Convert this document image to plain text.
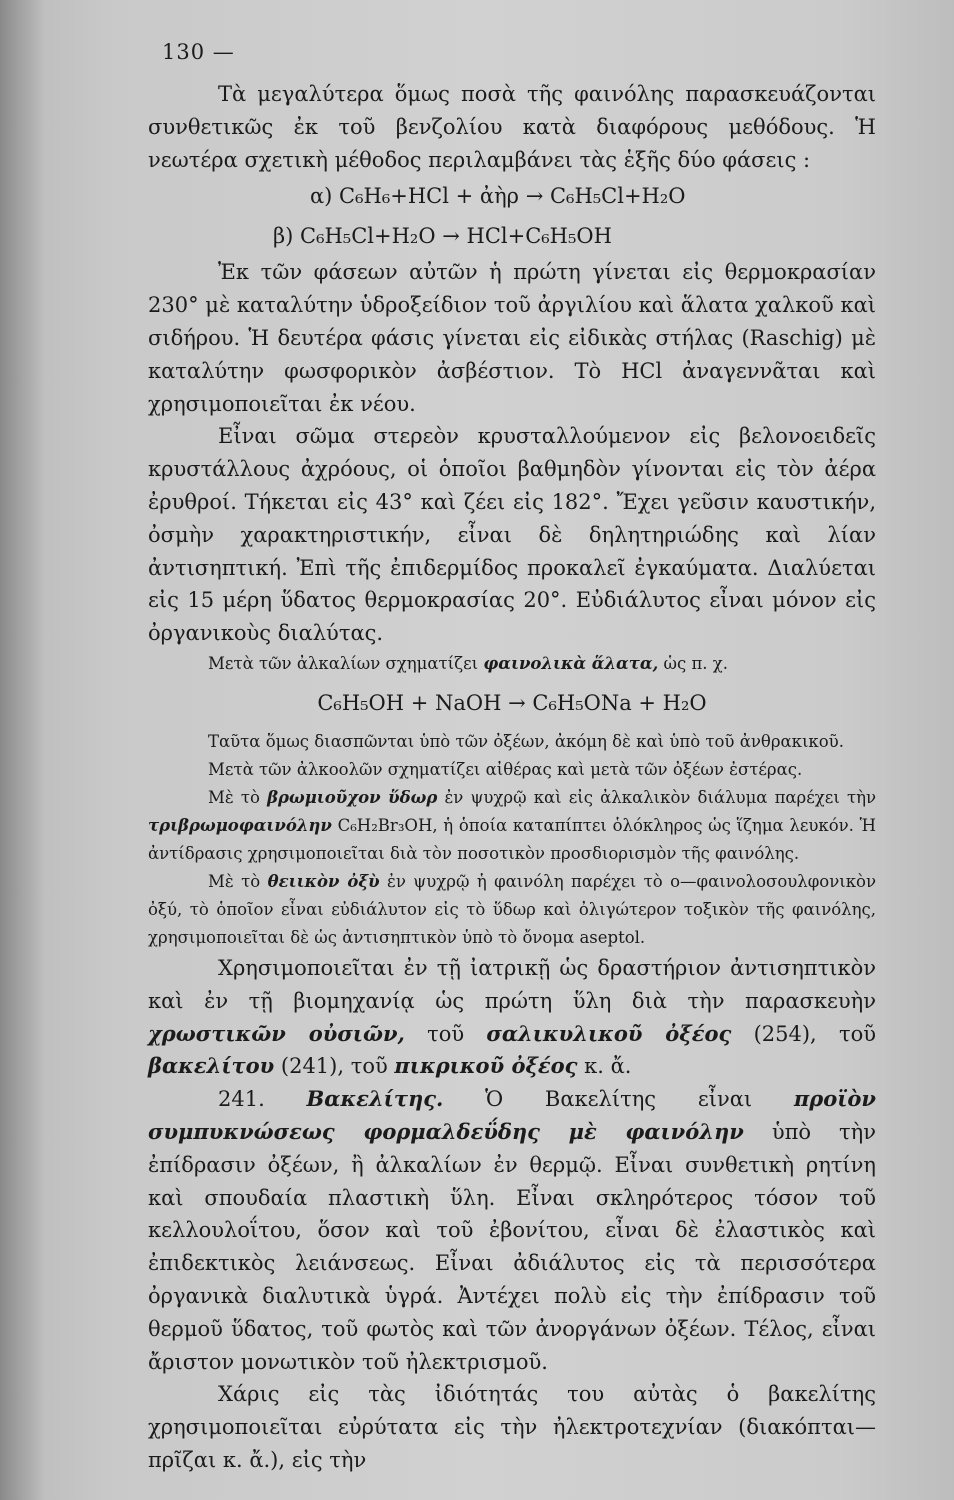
130 —

Τὰ μεγαλύτερα ὅμως ποσὰ τῆς φαινόλης παρασκευάζονται συνθετικῶς ἐκ τοῦ βενζολίου κατὰ διαφόρους μεθόδους. Ἡ νεωτέρα σχετικὴ μέθοδος περιλαμβάνει τὰς ἑξῆς δύο φάσεις :

α) C₆H₆+HCl + ἀὴρ → C₆H₅Cl+H₂O
β) C₆H₅Cl+H₂O → HCl+C₆H₅OH

Ἐκ τῶν φάσεων αὐτῶν ἡ πρώτη γίνεται εἰς θερμοκρασίαν 230° μὲ καταλύτην ὑδροξείδιον τοῦ ἀργιλίου καὶ ἅλατα χαλκοῦ καὶ σιδήρου. Ἡ δευτέρα φάσις γίνεται εἰς εἰδικὰς στήλας (Raschig) μὲ καταλύτην φωσφορικὸν ἀσβέστιον. Τὸ HCl ἀναγεννᾶται καὶ χρησιμοποιεῖται ἐκ νέου.

Εἶναι σῶμα στερεὸν κρυσταλλούμενον εἰς βελονοειδεῖς κρυστάλλους ἀχρόους, οἱ ὁποῖοι βαθμηδὸν γίνονται εἰς τὸν ἀέρα ἐρυθροί. Τήκεται εἰς 43° καὶ ζέει εἰς 182°. Ἔχει γεῦσιν καυστικήν, ὀσμὴν χαρακτηριστικήν, εἶναι δὲ δηλητηριώδης καὶ λίαν ἀντισηπτική. Ἐπὶ τῆς ἐπιδερμίδος προκαλεῖ ἐγκαύματα. Διαλύεται εἰς 15 μέρη ὕδατος θερμοκρασίας 20°. Εὐδιάλυτος εἶναι μόνον εἰς ὀργανικοὺς διαλύτας.

Μετὰ τῶν ἀλκαλίων σχηματίζει φαινολικὰ ἅλατα, ὡς π. χ.

C₆H₅OH + NaOH → C₆H₅ONa + H₂O

Ταῦτα ὅμως διασπῶνται ὑπὸ τῶν ὀξέων, ἀκόμη δὲ καὶ ὑπὸ τοῦ ἀνθρακικοῦ.

Μετὰ τῶν ἀλκοολῶν σχηματίζει αἰθέρας καὶ μετὰ τῶν ὀξέων ἐστέρας.

Μὲ τὸ βρωμιοῦχον ὕδωρ ἐν ψυχρῷ καὶ εἰς ἀλκαλικὸν διάλυμα παρέχει τὴν τριβρωμοφαινόλην C₆H₂Br₃OH, ἡ ὁποία καταπίπτει ὁλόκληρος ὡς ἵζημα λευκόν. Ἡ ἀντίδρασις χρησιμοποιεῖται διὰ τὸν ποσοτικὸν προσδιορισμὸν τῆς φαινόλης.

Μὲ τὸ θειικὸν ὀξὺ ἐν ψυχρῷ ἡ φαινόλη παρέχει τὸ ο—φαινολοσουλφονικὸν ὀξύ, τὸ ὁποῖον εἶναι εὐδιάλυτον εἰς τὸ ὕδωρ καὶ ὀλιγώτερον τοξικὸν τῆς φαινόλης, χρησιμοποιεῖται δὲ ὡς ἀντισηπτικὸν ὑπὸ τὸ ὄνομα aseptol.

Χρησιμοποιεῖται ἐν τῇ ἰατρικῇ ὡς δραστήριον ἀντισηπτικὸν καὶ ἐν τῇ βιομηχανίᾳ ὡς πρώτη ὕλη διὰ τὴν παρασκευὴν χρωστικῶν οὐσιῶν, τοῦ σαλικυλικοῦ ὀξέος (254), τοῦ βακελίτου (241), τοῦ πικρικοῦ ὀξέος κ. ἄ.

241. Βακελίτης. Ὁ Βακελίτης εἶναι προϊὸν συμπυκνώσεως φορμαλδεΰδης μὲ φαινόλην ὑπὸ τὴν ἐπίδρασιν ὀξέων, ἢ ἀλκαλίων ἐν θερμῷ. Εἶναι συνθετικὴ ρητίνη καὶ σπουδαία πλαστικὴ ὕλη. Εἶναι σκληρότερος τόσον τοῦ κελλουλοΐτου, ὅσον καὶ τοῦ ἐβονίτου, εἶναι δὲ ἐλαστικὸς καὶ ἐπιδεκτικὸς λειάνσεως. Εἶναι ἀδιάλυτος εἰς τὰ περισσότερα ὀργανικὰ διαλυτικὰ ὑγρά. Ἀντέχει πολὺ εἰς τὴν ἐπίδρασιν τοῦ θερμοῦ ὕδατος, τοῦ φωτὸς καὶ τῶν ἀνοργάνων ὀξέων. Τέλος, εἶναι ἄριστον μονωτικὸν τοῦ ἠλεκτρισμοῦ.

Χάρις εἰς τὰς ἰδιότητάς του αὐτὰς ὁ βακελίτης χρησιμοποιεῖται εὐρύτατα εἰς τὴν ἠλεκτροτεχνίαν (διακόπται—πρῖζαι κ. ἄ.), εἰς τὴν
